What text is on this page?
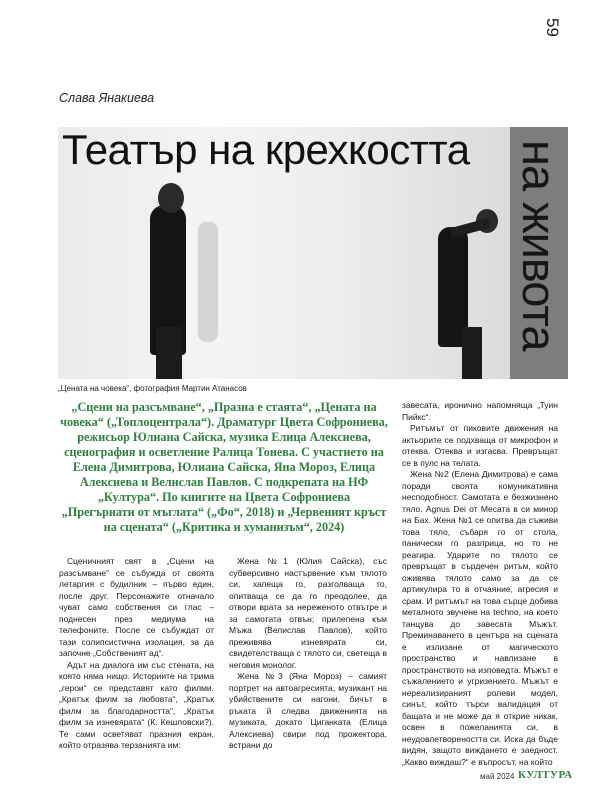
59
Слава Янакиева
на живота
Театър на крехкостта
„Цената на човека“, фотография Мартин Атанасов
„Сцени на разсъмване“, „Празна е стаята“, „Цената на човека“ („Топлоцентрала“). Драматург Цвета Софрониева, режисьор Юлиана Сайска, музика Елица Алексиева, сценография и осветление Ралица Тонева. С участието на Елена Димитрова, Юлиана Сайска, Яна Мороз, Елица Алексиева и Велислав Павлов. С подкрепата на НФ „Култура“. По книгите на Цвета Софрониева „Прегърнати от мъглата“ („Фо“, 2018) и „Червеният кръст на сцената“ („Критика и хуманизъм“, 2024)

Сценичният свят в „Сцени на разсъмване“ се събужда от своята летаргия с будилник – първо един, после друг. Персонажите отначало чуват само собствения си глас – поднесен през медиума на телефоните. После се събуждат от тази солипсистична изолация, за да започне „Собственият ад“.

Адът на диалога им със стената, на която няма нищо. Историите на трима „герои“ се представят като филми. „Кратък филм за любовта“, „Кратък филм за благодарността“, „Кратък филм за изневярата“ (К. Кешловски?). Те сами осветяват празния екран, който отразява терзанията им:

Жена №1 (Юлия Сайска), със субверсивно настървение към тялото си, хапеща го, разголваща го, опитваща се да го преодолее, да отвори врата за нереженото отвътре и за самотата отвън; прилепена към Мъжа (Велислав Павлов), който преживява изневярата си, свидетелстваща с тялото си, светеща в неговия монолог.

Жена №3 (Яна Мороз) – самият портрет на автоагресията, музикант на убийствените си нагони, бичът в ръката й следва движенията на музиката, докато Циганката (Елица Алексиева) свири под прожектора, встрани до

завесата, иронично напомняща „Туин Пийкс“.

Ритъмът от пиковите движения на актьорите се подхваща от микрофон и отеква. Отеква и изгасва. Превръщат се в пулс на телата.

Жена №2 (Елена Димитрова) е сама поради своята комуникативна несподобност. Самотата е безжизнено тяло. Agnus Dei от Месата в си минор на Бах. Жена №1 се опитва да съживи това тяло, събаря го от стола, панически го разприца, но то не реагира. Ударите по тялото се превръщат в сърдечен ритъм, който оживява тялото само за да се артикулира то в отчаяние, агресия и срам. И ритъмът на това сърце добива металното звучене на techno, на което танцува до завесата Мъжът. Преминаването в центъра на сцената е излизане от магическото пространство и навлизане в пространството на изповедта. Мъжът е съжалението и угризението. Мъжът е нереализираният ролеви модел, синът, който търси валидация от бащата и не може да я открие никак, освен в пожеланията си, в неудовлетвореността си. Иска да бъде видян, защото виждането е заедност. „Какво виждаш?“ е въпросът, на който

май 2024 КУЛТУРА
